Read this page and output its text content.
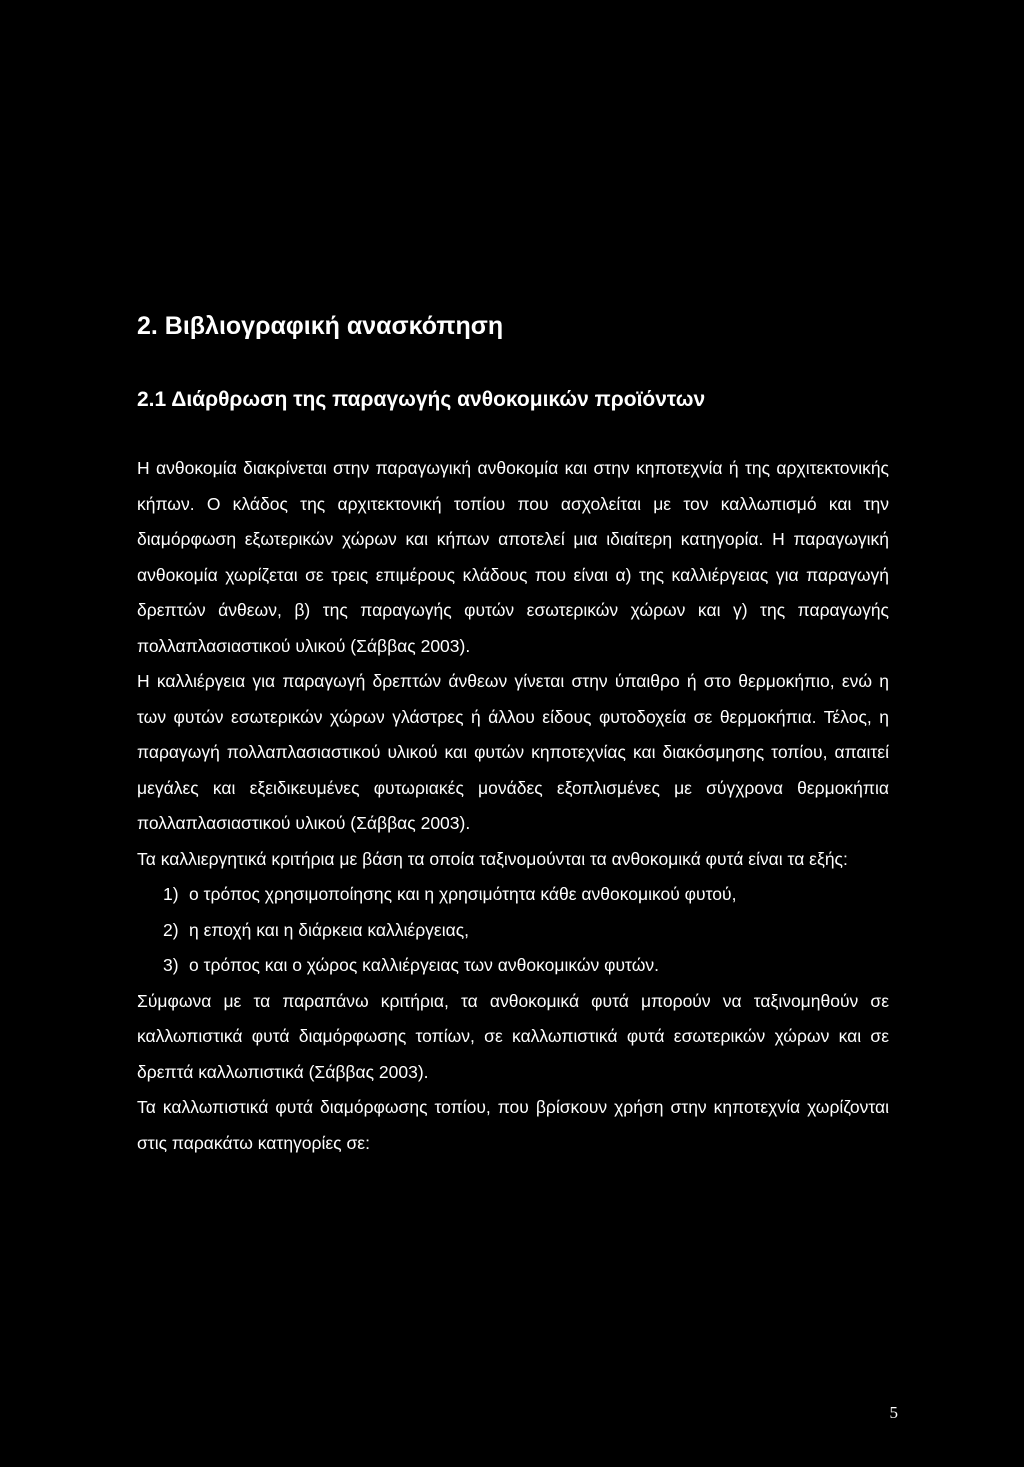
2. Βιβλιογραφική ανασκόπηση
2.1 Διάρθρωση της παραγωγής ανθοκομικών προϊόντων

Η ανθοκομία διακρίνεται στην παραγωγική ανθοκομία και στην κηποτεχνία ή της αρχιτεκτονικής κήπων. Ο κλάδος της αρχιτεκτονική τοπίου που ασχολείται με τον καλλωπισμό και την διαμόρφωση εξωτερικών χώρων και κήπων αποτελεί μια ιδιαίτερη κατηγορία. Η παραγωγική ανθοκομία χωρίζεται σε τρεις επιμέρους κλάδους που είναι α) της καλλιέργειας για παραγωγή δρεπτών άνθεων, β) της παραγωγής φυτών εσωτερικών χώρων και γ) της παραγωγής πολλαπλασιαστικού υλικού (Σάββας 2003).

Η καλλιέργεια για παραγωγή δρεπτών άνθεων γίνεται στην ύπαιθρο ή στο θερμοκήπιο, ενώ η των φυτών εσωτερικών χώρων γλάστρες ή άλλου είδους φυτοδοχεία σε θερμοκήπια. Τέλος, η παραγωγή πολλαπλασιαστικού υλικού και φυτών κηποτεχνίας και διακόσμησης τοπίου, απαιτεί μεγάλες και εξειδικευμένες φυτωριακές μονάδες εξοπλισμένες με σύγχρονα θερμοκήπια πολλαπλασιαστικού υλικού (Σάββας 2003).

Τα καλλιεργητικά κριτήρια με βάση τα οποία ταξινομούνται τα ανθοκομικά φυτά είναι τα εξής:

1) ο τρόπος χρησιμοποίησης και η χρησιμότητα κάθε ανθοκομικού φυτού,
2) η εποχή και η διάρκεια καλλιέργειας,
3) ο τρόπος και ο χώρος καλλιέργειας των ανθοκομικών φυτών.

Σύμφωνα με τα παραπάνω κριτήρια, τα ανθοκομικά φυτά μπορούν να ταξινομηθούν σε καλλωπιστικά φυτά διαμόρφωσης τοπίων, σε καλλωπιστικά φυτά εσωτερικών χώρων και σε δρεπτά καλλωπιστικά (Σάββας 2003).

Τα καλλωπιστικά φυτά διαμόρφωσης τοπίου, που βρίσκουν χρήση στην κηποτεχνία χωρίζονται στις παρακάτω κατηγορίες σε:

5
